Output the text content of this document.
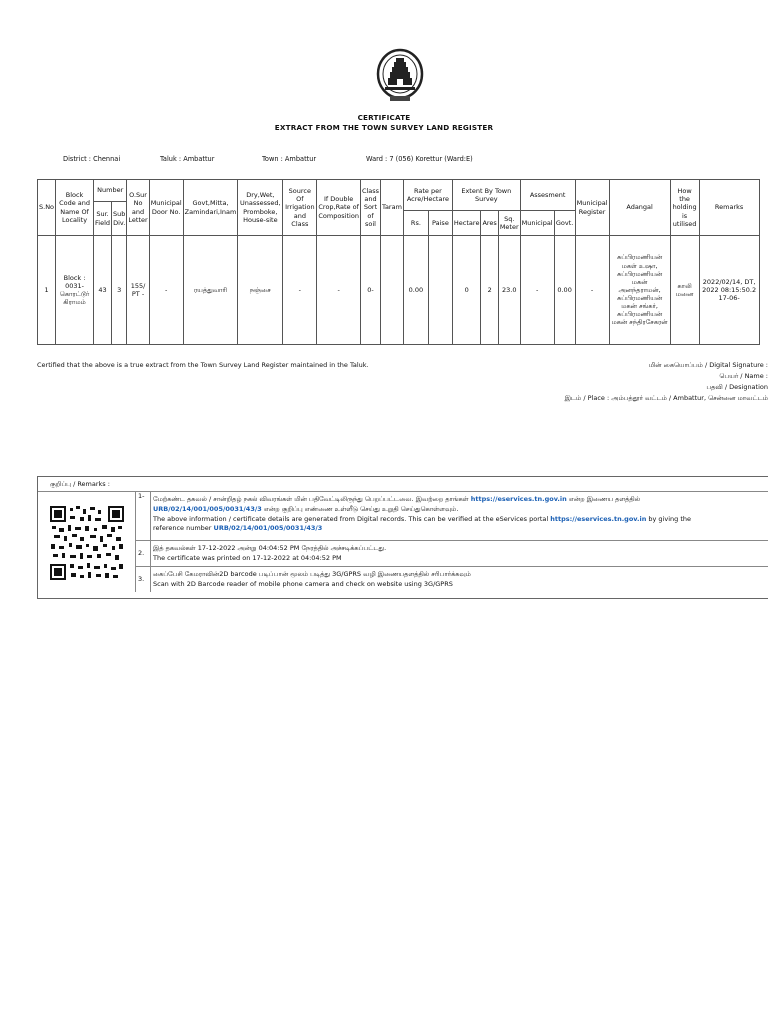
CERTIFICATE
EXTRACT FROM THE TOWN SURVEY LAND REGISTER
District : Chennai	Taluk : Ambattur	Town : Ambattur	Ward : 7 (056) Korettur (Ward:E)
S.No	Block Code and Name Of Locality	Number		O.Sur No and Letter	Municipal Door No.	Govt,Mitta, Zamindari,Inam	Dry,Wet, Unassessed, Promboke, House-site	Source Of Irrigation and Class	If Double Crop,Rate of Composition	Class and Sort of soil	Taram	Rate per Acre/Hectare		Extent By Town Survey			Assesment		Municipal Register	Adangal	How the holding is utilised	Remarks
		Sur. Field	Sub Div.																			
												Rs.	Paise	Hectare	Ares	Sq. Meter	Municipal	Govt.				
1	Block : 0031-கொரட்டூர் கிராமம்	43	3	155/ PT -	-	ரயத்துவாரி	நஞ்சை	-	-	0-		0.00		0	2	23.0	-	0.00	-	சுப்பிரமணியன் மகள் உஷா, சுப்பிரமணியன் மகன் அனந்தராமன், சுப்பிரமணியன் மகன் சங்கர், சுப்பிரமணியன் மகன் சந்திரசேகரன்	காலி மனை	2022/02/14, DT, 2022 08:15:50.2 17-06-
Certified that the above is a true extract from the Town Survey Land Register maintained in the Taluk.	மின் கையொப்பம் / Digital Signature :
பெயர் / Name :
பதவி / Designation
இடம் / Place : அம்பத்தூர் வட்டம் / Ambattur, சென்னை மாவட்டம்
குறிப்பு / Remarks :
1- மேற்கண்ட தகவல் / சான்றிதழ் நகல் விவரங்கள் மின் பதிவேட்டிலிருந்து பெறப்பட்டவை. இவற்றை தாங்கள் https://eservices.tn.gov.in என்ற இணைய தளத்தில்
URB/02/14/001/005/0031/43/3 என்ற குறிப்பு எண்ணை உள்ளீடு செய்து உறுதி செய்துகொள்ளவும்.
The above information / certificate details are generated from Digital records. This can be verified at the eServices portal https://eservices.tn.gov.in by giving the
reference number URB/02/14/001/005/0031/43/3
2.
இத் தகவல்கள் 17-12-2022 அன்று 04:04:52 PM நேரத்தில் அச்சடிக்கப்பட்டது.
The certificate was printed on 17-12-2022 at 04:04:52 PM
3.
கைப்பேசி கேமராவின்2D barcode படிப்பான் மூலம் படித்து 3G/GPRS வழி இணையதளத்தில் சரிபார்க்கவும்
Scan with 2D Barcode reader of mobile phone camera and check on website using 3G/GPRS
